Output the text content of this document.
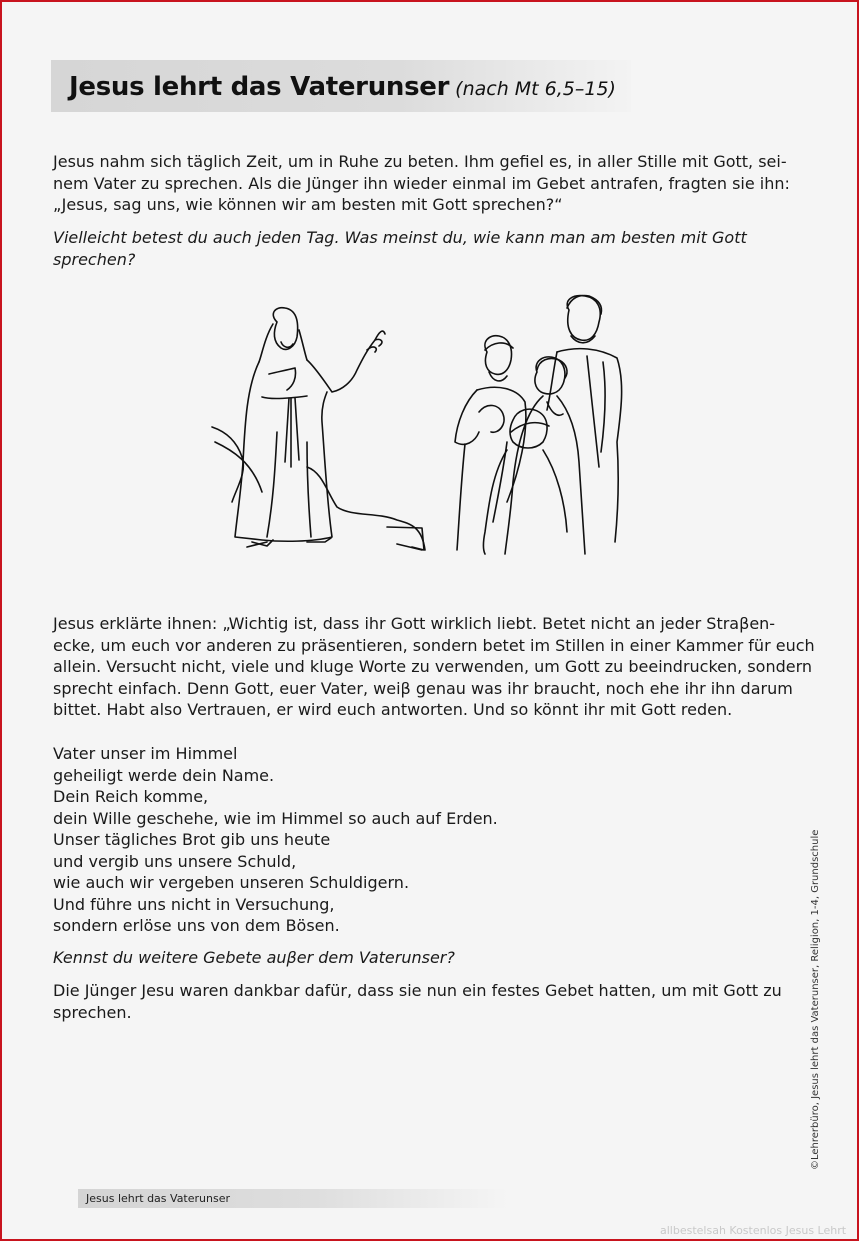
Jesus lehrt das Vaterunser (nach Mt 6,5–15)
Jesus nahm sich täglich Zeit, um in Ruhe zu beten. Ihm gefiel es, in aller Stille mit Gott, sei-
nem Vater zu sprechen. Als die Jünger ihn wieder einmal im Gebet antrafen, fragten sie ihn:
„Jesus, sag uns, wie können wir am besten mit Gott sprechen?“
Vielleicht betest du auch jeden Tag. Was meinst du, wie kann man am besten mit Gott
sprechen?
Jesus erklärte ihnen: „Wichtig ist, dass ihr Gott wirklich liebt. Betet nicht an jeder Straβen-
ecke, um euch vor anderen zu präsentieren, sondern betet im Stillen in einer Kammer für euch
allein. Versucht nicht, viele und kluge Worte zu verwenden, um Gott zu beeindrucken, sondern
sprecht einfach. Denn Gott, euer Vater, weiβ genau was ihr braucht, noch ehe ihr ihn darum
bittet. Habt also Vertrauen, er wird euch antworten. Und so könnt ihr mit Gott reden.
Vater unser im Himmel
geheiligt werde dein Name.
Dein Reich komme,
dein Wille geschehe, wie im Himmel so auch auf Erden.
Unser tägliches Brot gib uns heute
und vergib uns unsere Schuld,
wie auch wir vergeben unseren Schuldigern.
Und führe uns nicht in Versuchung,
sondern erlöse uns von dem Bösen.
Kennst du weitere Gebete auβer dem Vaterunser?
Die Jünger Jesu waren dankbar dafür, dass sie nun ein festes Gebet hatten, um mit Gott zu
sprechen.	©Lehrerbüro, Jesus lehrt das Vaterunser, Religion, 1-4, Grundschule
Jesus lehrt das Vaterunser
allbestelsah Kostenlos Jesus Lehrt
